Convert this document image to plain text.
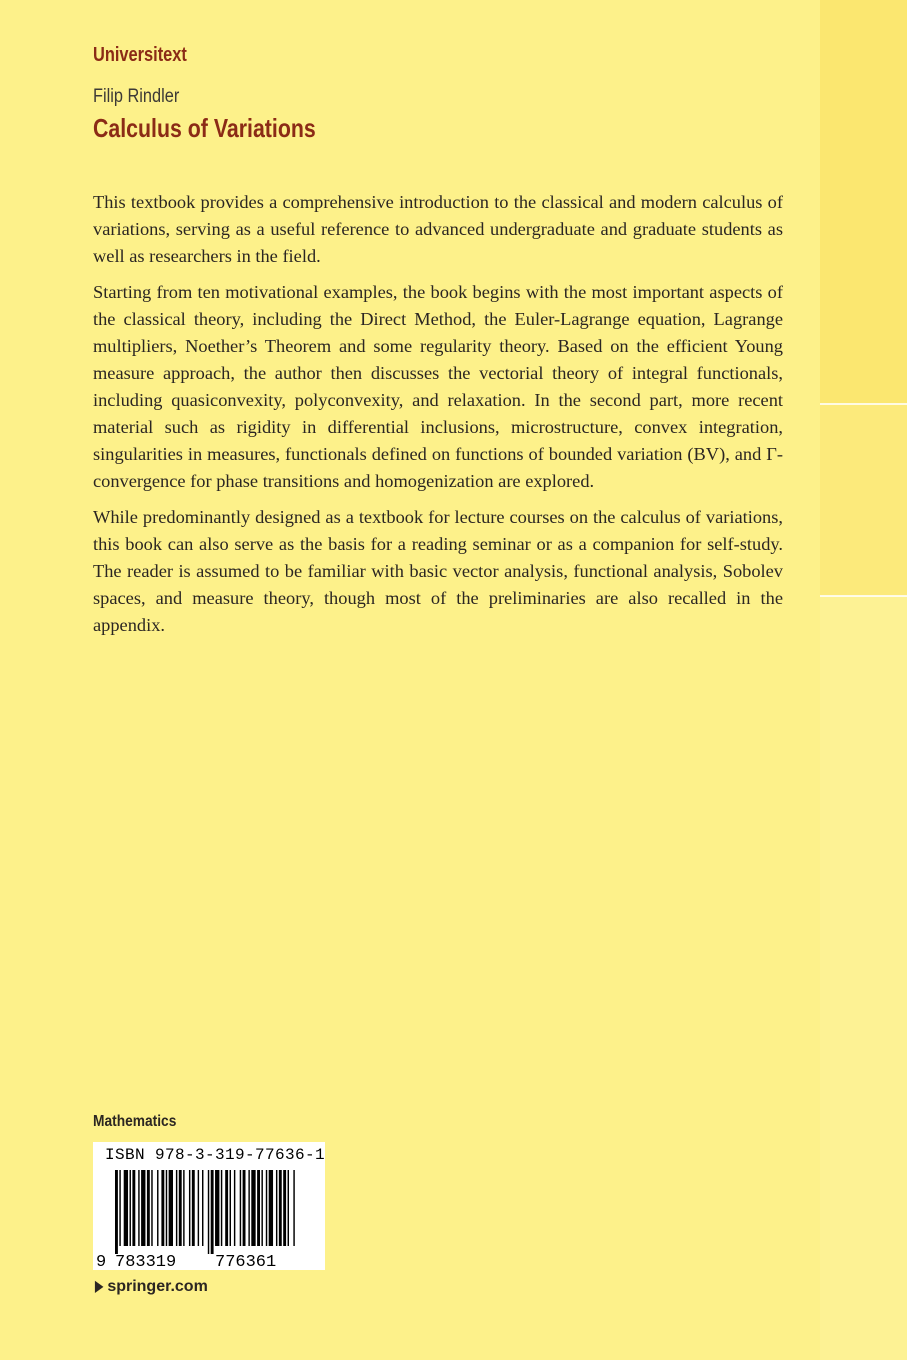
Universitext
Filip Rindler
Calculus of Variations

This textbook provides a comprehensive introduction to the classical and modern calculus of variations, serving as a useful reference to advanced undergraduate and graduate students as well as researchers in the field.

Starting from ten motivational examples, the book begins with the most important aspects of the classical theory, including the Direct Method, the Euler-Lagrange equation, Lagrange multipliers, Noether’s Theorem and some regularity theory. Based on the efficient Young measure approach, the author then discusses the vectorial theory of integral functionals, including quasiconvexity, polyconvexity, and relaxation. In the second part, more recent material such as rigidity in differential inclusions, microstructure, convex integration, singularities in measures, functionals defined on functions of bounded variation (BV), and Γ-convergence for phase transitions and homogenization are explored.

While predominantly designed as a textbook for lecture courses on the calculus of variations, this book can also serve as the basis for a reading seminar or as a companion for self-study. The reader is assumed to be familiar with basic vector analysis, functional analysis, Sobolev spaces, and measure theory, though most of the preliminaries are also recalled in the appendix.

Mathematics
ISBN 978-3-319-77636-1
9 783319 776361
▶ springer.com
